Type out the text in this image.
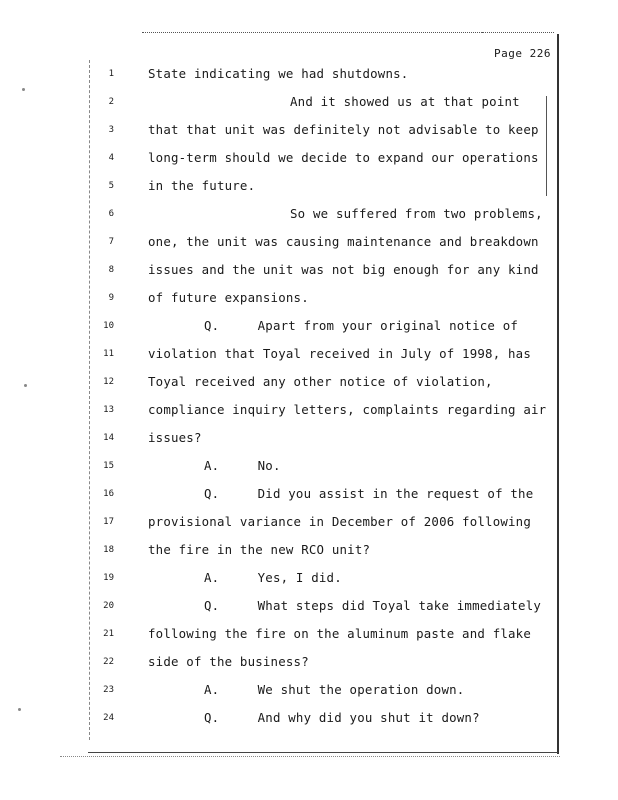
Page 226
1	State indicating we had shutdowns.
2	And it showed us at that point
3	that that unit was definitely not advisable to keep
4	long-term should we decide to expand our operations
5	in the future.
6	So we suffered from two problems,
7	one, the unit was causing maintenance and breakdown
8	issues and the unit was not big enough for any kind
9	of future expansions.
10	Q.     Apart from your original notice of
11	violation that Toyal received in July of 1998, has
12	Toyal received any other notice of violation,
13	compliance inquiry letters, complaints regarding air
14	issues?
15	A.     No.
16	Q.     Did you assist in the request of the
17	provisional variance in December of 2006 following
18	the fire in the new RCO unit?
19	A.     Yes, I did.
20	Q.     What steps did Toyal take immediately
21	following the fire on the aluminum paste and flake
22	side of the business?
23	A.     We shut the operation down.
24	Q.     And why did you shut it down?
